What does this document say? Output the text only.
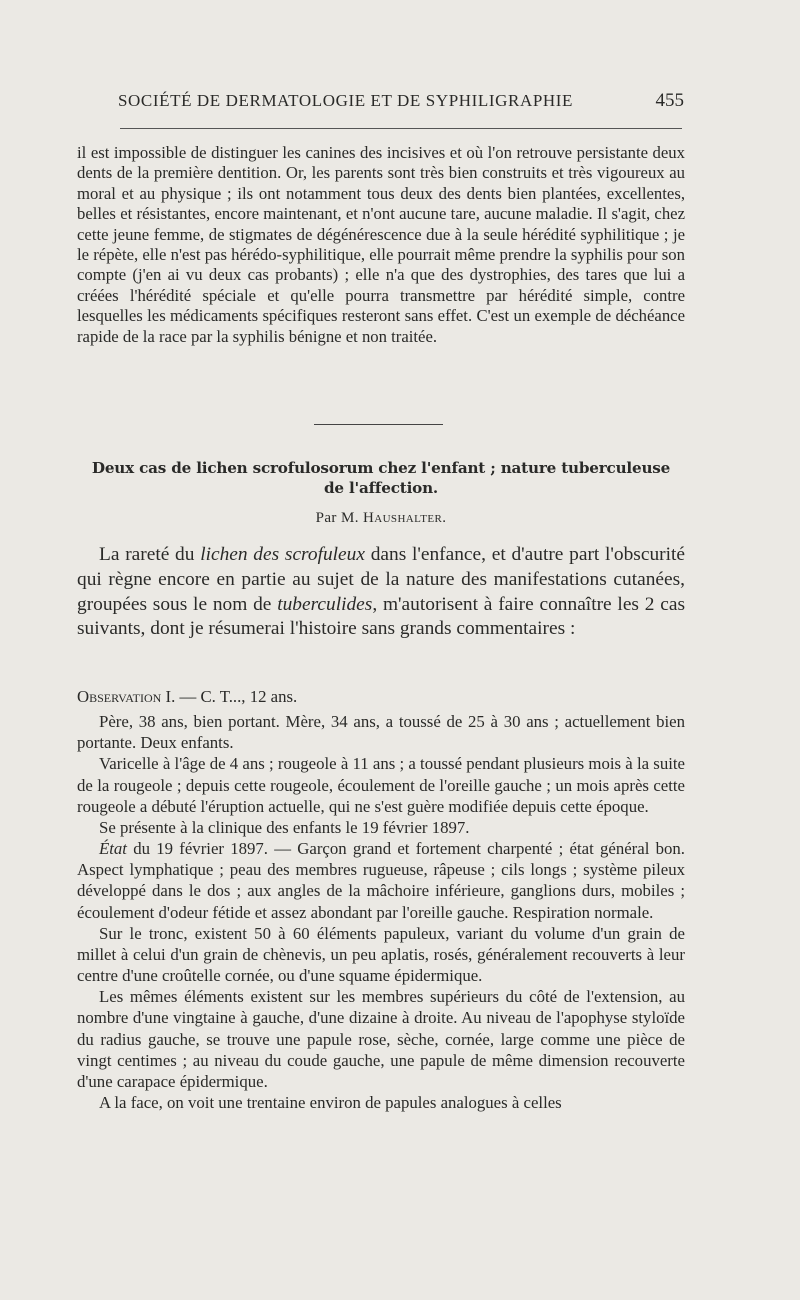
SOCIÉTÉ DE DERMATOLOGIE ET DE SYPHILIGRAPHIE	455

il est impossible de distinguer les canines des incisives et où l'on retrouve persistante deux dents de la première dentition. Or, les parents sont très bien construits et très vigoureux au moral et au physique ; ils ont notamment tous deux des dents bien plantées, excellentes, belles et résistantes, encore maintenant, et n'ont aucune tare, aucune maladie. Il s'agit, chez cette jeune femme, de stigmates de dégénérescence due à la seule hérédité syphilitique ; je le répète, elle n'est pas hérédo-syphilitique, elle pourrait même prendre la syphilis pour son compte (j'en ai vu deux cas probants) ; elle n'a que des dystrophies, des tares que lui a créées l'hérédité spéciale et qu'elle pourra transmettre par hérédité simple, contre lesquelles les médicaments spécifiques resteront sans effet. C'est un exemple de déchéance rapide de la race par la syphilis bénigne et non traitée.

Deux cas de lichen scrofulosorum chez l'enfant ; nature tuberculeuse
de l'affection.
Par M. Haushalter.

La rareté du lichen des scrofuleux dans l'enfance, et d'autre part l'obscurité qui règne encore en partie au sujet de la nature des manifestations cutanées, groupées sous le nom de tuberculides, m'autorisent à faire connaître les 2 cas suivants, dont je résumerai l'histoire sans grands commentaires :

Observation I. — C. T..., 12 ans.

Père, 38 ans, bien portant. Mère, 34 ans, a toussé de 25 à 30 ans ; actuellement bien portante. Deux enfants.

Varicelle à l'âge de 4 ans ; rougeole à 11 ans ; a toussé pendant plusieurs mois à la suite de la rougeole ; depuis cette rougeole, écoulement de l'oreille gauche ; un mois après cette rougeole a débuté l'éruption actuelle, qui ne s'est guère modifiée depuis cette époque.

Se présente à la clinique des enfants le 19 février 1897.

État du 19 février 1897. — Garçon grand et fortement charpenté ; état général bon. Aspect lymphatique ; peau des membres rugueuse, râpeuse ; cils longs ; système pileux développé dans le dos ; aux angles de la mâchoire inférieure, ganglions durs, mobiles ; écoulement d'odeur fétide et assez abondant par l'oreille gauche. Respiration normale.

Sur le tronc, existent 50 à 60 éléments papuleux, variant du volume d'un grain de millet à celui d'un grain de chènevis, un peu aplatis, rosés, généralement recouverts à leur centre d'une croûtelle cornée, ou d'une squame épidermique.

Les mêmes éléments existent sur les membres supérieurs du côté de l'extension, au nombre d'une vingtaine à gauche, d'une dizaine à droite. Au niveau de l'apophyse styloïde du radius gauche, se trouve une papule rose, sèche, cornée, large comme une pièce de vingt centimes ; au niveau du coude gauche, une papule de même dimension recouverte d'une carapace épidermique.

A la face, on voit une trentaine environ de papules analogues à celles
